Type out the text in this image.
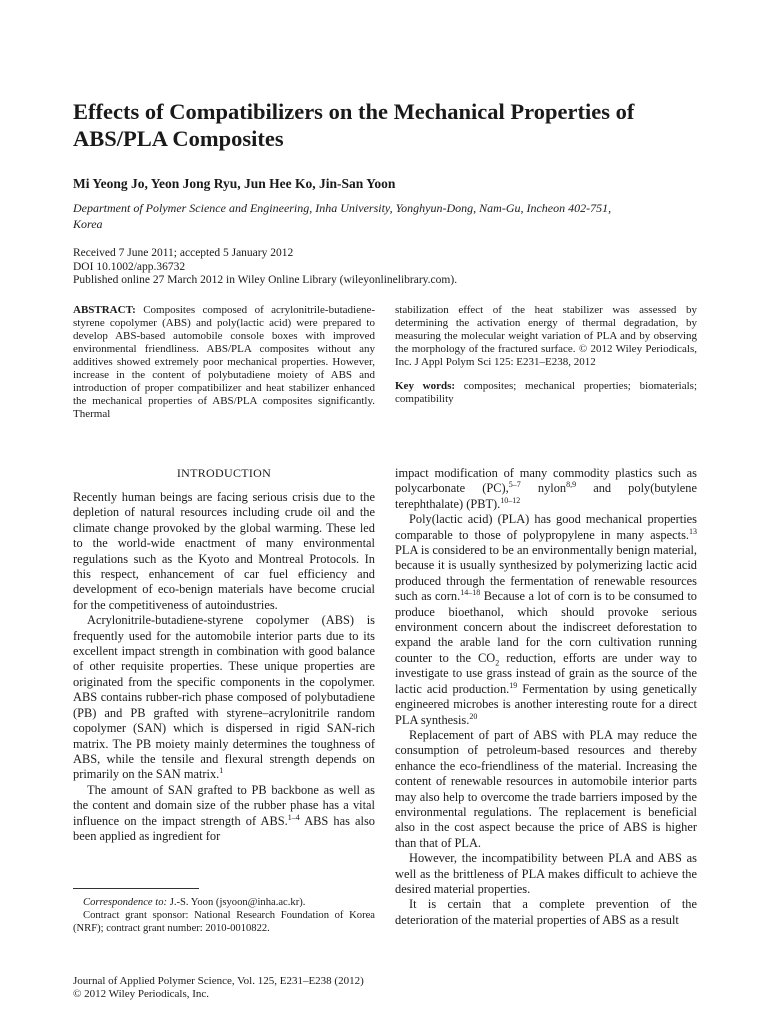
Effects of Compatibilizers on the Mechanical Properties of ABS/PLA Composites

Mi Yeong Jo, Yeon Jong Ryu, Jun Hee Ko, Jin-San Yoon

Department of Polymer Science and Engineering, Inha University, Yonghyun-Dong, Nam-Gu, Incheon 402-751, Korea

Received 7 June 2011; accepted 5 January 2012
DOI 10.1002/app.36732
Published online 27 March 2012 in Wiley Online Library (wileyonlinelibrary.com).
ABSTRACT: Composites composed of acrylonitrile-butadiene-styrene copolymer (ABS) and poly(lactic acid) were prepared to develop ABS-based automobile console boxes with improved environmental friendliness. ABS/PLA composites without any additives showed extremely poor mechanical properties. However, increase in the content of polybutadiene moiety of ABS and introduction of proper compatibilizer and heat stabilizer enhanced the mechanical properties of ABS/PLA composites significantly. Thermal
stabilization effect of the heat stabilizer was assessed by determining the activation energy of thermal degradation, by measuring the molecular weight variation of PLA and by observing the morphology of the fractured surface. © 2012 Wiley Periodicals, Inc. J Appl Polym Sci 125: E231–E238, 2012
Key words: composites; mechanical properties; biomaterials; compatibility
INTRODUCTION

Recently human beings are facing serious crisis due to the depletion of natural resources including crude oil and the climate change provoked by the global warming. These led to the world-wide enactment of many environmental regulations such as the Kyoto and Montreal Protocols. In this respect, enhancement of car fuel efficiency and development of eco-benign materials have become crucial for the competitiveness of autoindustries.

Acrylonitrile-butadiene-styrene copolymer (ABS) is frequently used for the automobile interior parts due to its excellent impact strength in combination with good balance of other requisite properties. These unique properties are originated from the specific components in the copolymer. ABS contains rubber-rich phase composed of polybutadiene (PB) and PB grafted with styrene–acrylonitrile random copolymer (SAN) which is dispersed in rigid SAN-rich matrix. The PB moiety mainly determines the toughness of ABS, while the tensile and flexural strength depends on primarily on the SAN matrix.$^1$

The amount of SAN grafted to PB backbone as well as the content and domain size of the rubber phase has a vital influence on the impact strength of ABS.$^{1-4}$ ABS has also been applied as ingredient for

impact modification of many commodity plastics such as polycarbonate (PC),$^{5-7}$ nylon$^{8,9}$ and poly(butylene terephthalate) (PBT).$^{10-12}$

Poly(lactic acid) (PLA) has good mechanical properties comparable to those of polypropylene in many aspects.$^{13}$ PLA is considered to be an environmentally benign material, because it is usually synthesized by polymerizing lactic acid produced through the fermentation of renewable resources such as corn.$^{14-18}$ Because a lot of corn is to be consumed to produce bioethanol, which should provoke serious environment concern about the indiscreet deforestation to expand the arable land for the corn cultivation running counter to the $CO_2$ reduction, efforts are under way to investigate to use grass instead of grain as the source of the lactic acid production.$^{19}$ Fermentation by using genetically engineered microbes is another interesting route for a direct PLA synthesis.$^{20}$

Replacement of part of ABS with PLA may reduce the consumption of petroleum-based resources and thereby enhance the eco-friendliness of the material. Increasing the content of renewable resources in automobile interior parts may also help to overcome the trade barriers imposed by the environmental regulations. The replacement is beneficial also in the cost aspect because the price of ABS is higher than that of PLA.

However, the incompatibility between PLA and ABS as well as the brittleness of PLA makes difficult to achieve the desired material properties.

It is certain that a complete prevention of the deterioration of the material properties of ABS as a result

Correspondence to: J.-S. Yoon (jsyoon@inha.ac.kr).
Contract grant sponsor: National Research Foundation of Korea (NRF); contract grant number: 2010-0010822.
Journal of Applied Polymer Science, Vol. 125, E231–E238 (2012)
© 2012 Wiley Periodicals, Inc.
